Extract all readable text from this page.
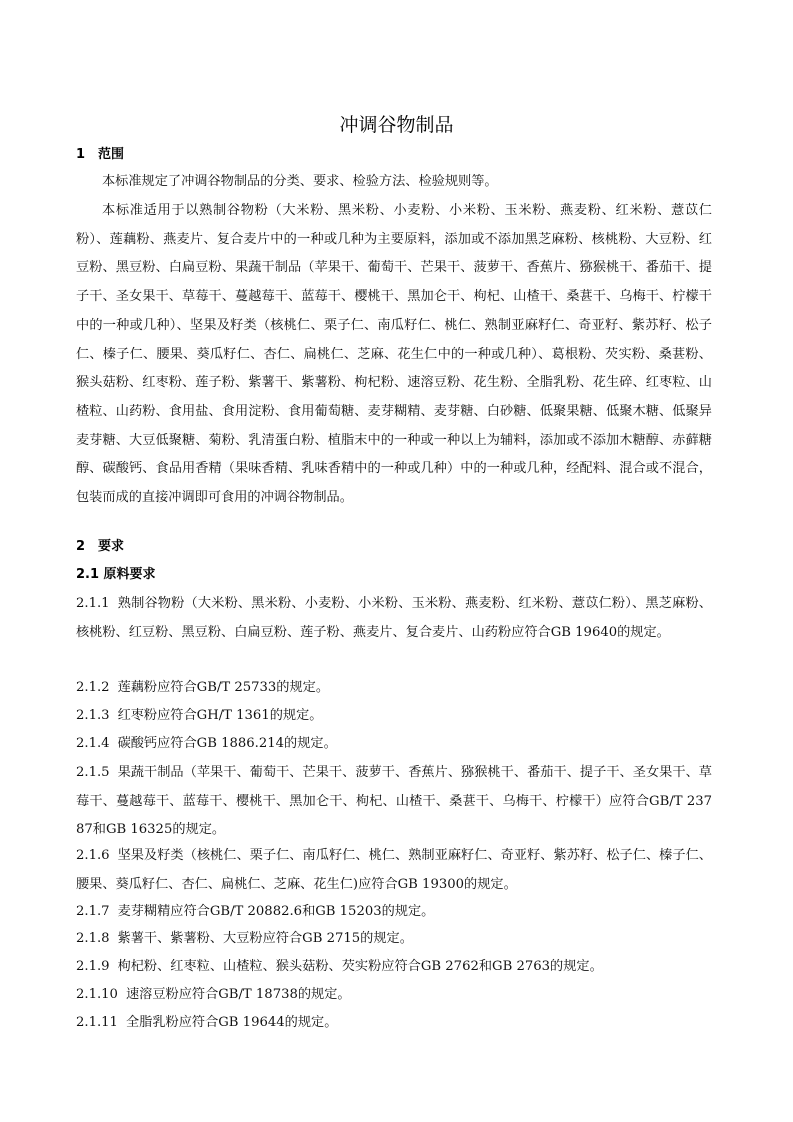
冲调谷物制品
1　范围

本标准规定了冲调谷物制品的分类、要求、检验方法、检验规则等。

本标准适用于以熟制谷物粉（大米粉、黑米粉、小麦粉、小米粉、玉米粉、燕麦粉、红米粉、薏苡仁粉）、莲藕粉、燕麦片、复合麦片中的一种或几种为主要原料，添加或不添加黑芝麻粉、核桃粉、大豆粉、红豆粉、黑豆粉、白扁豆粉、果蔬干制品（苹果干、葡萄干、芒果干、菠萝干、香蕉片、猕猴桃干、番茄干、提子干、圣女果干、草莓干、蔓越莓干、蓝莓干、樱桃干、黑加仑干、枸杞、山楂干、桑葚干、乌梅干、柠檬干中的一种或几种）、坚果及籽类（核桃仁、栗子仁、南瓜籽仁、桃仁、熟制亚麻籽仁、奇亚籽、紫苏籽、松子仁、榛子仁、腰果、葵瓜籽仁、杏仁、扁桃仁、芝麻、花生仁中的一种或几种）、葛根粉、芡实粉、桑葚粉、猴头菇粉、红枣粉、莲子粉、紫薯干、紫薯粉、枸杞粉、速溶豆粉、花生粉、全脂乳粉、花生碎、红枣粒、山楂粒、山药粉、食用盐、食用淀粉、食用葡萄糖、麦芽糊精、麦芽糖、白砂糖、低聚果糖、低聚木糖、低聚异麦芽糖、大豆低聚糖、菊粉、乳清蛋白粉、植脂末中的一种或一种以上为辅料，添加或不添加木糖醇、赤藓糖醇、碳酸钙、食品用香精（果味香精、乳味香精中的一种或几种）中的一种或几种，经配料、混合或不混合，包装而成的直接冲调即可食用的冲调谷物制品。

2　要求
2.1 原料要求

2.1.1 熟制谷物粉（大米粉、黑米粉、小麦粉、小米粉、玉米粉、燕麦粉、红米粉、薏苡仁粉）、黑芝麻粉、核桃粉、红豆粉、黑豆粉、白扁豆粉、莲子粉、燕麦片、复合麦片、山药粉应符合GB 19640的规定。

2.1.2 莲藕粉应符合GB/T 25733的规定。

2.1.3 红枣粉应符合GH/T 1361的规定。

2.1.4 碳酸钙应符合GB 1886.214的规定。

2.1.5 果蔬干制品（苹果干、葡萄干、芒果干、菠萝干、香蕉片、猕猴桃干、番茄干、提子干、圣女果干、草莓干、蔓越莓干、蓝莓干、樱桃干、黑加仑干、枸杞、山楂干、桑葚干、乌梅干、柠檬干）应符合GB/T 23787和GB 16325的规定。

2.1.6 坚果及籽类（核桃仁、栗子仁、南瓜籽仁、桃仁、熟制亚麻籽仁、奇亚籽、紫苏籽、松子仁、榛子仁、腰果、葵瓜籽仁、杏仁、扁桃仁、芝麻、花生仁)应符合GB 19300的规定。

2.1.7 麦芽糊精应符合GB/T 20882.6和GB 15203的规定。

2.1.8 紫薯干、紫薯粉、大豆粉应符合GB 2715的规定。

2.1.9 枸杞粉、红枣粒、山楂粒、猴头菇粉、芡实粉应符合GB 2762和GB 2763的规定。

2.1.10 速溶豆粉应符合GB/T 18738的规定。

2.1.11 全脂乳粉应符合GB 19644的规定。
